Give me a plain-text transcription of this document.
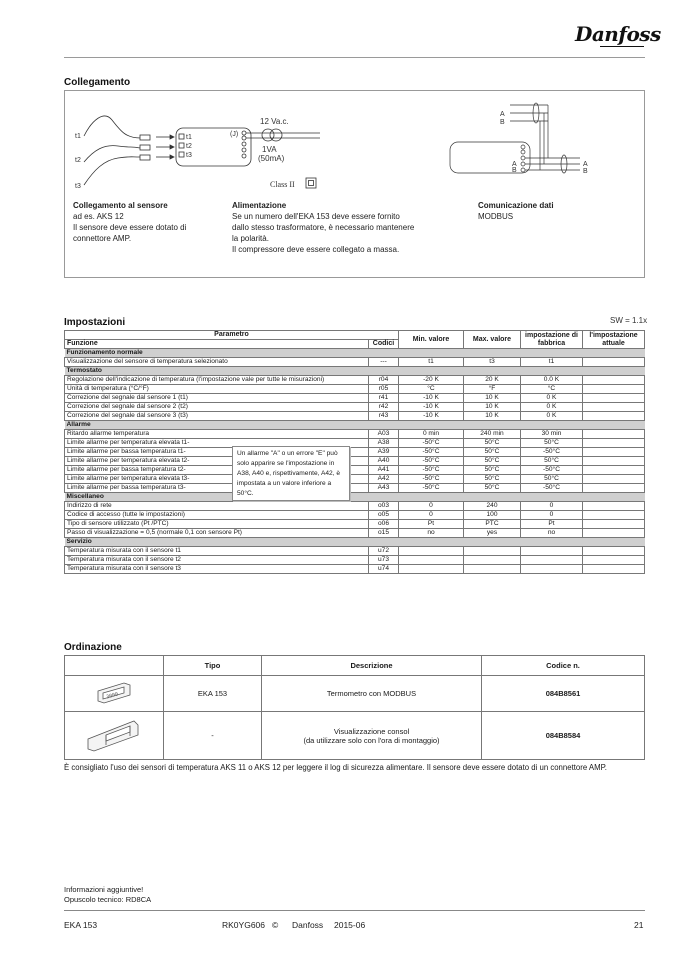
Danfoss
Collegamento
t1
t2
t3
t1
t2
t3
(J)
12 Va.c.
1VA
(50mA)
Class II
A
B
A
B
A
B
Collegamento al sensore
ad es. AKS 12
Il sensore deve essere dotato di
connettore AMP.
Alimentazione
Se un numero dell'EKA 153 deve essere fornito
dallo stesso trasformatore, è necessario mantenere
la polarità.
Il compressore deve essere collegato a massa.
Comunicazione dati
MODBUS
Impostazioni	SW = 1.1x
Parametro		Min. valore	Max. valore	impostazione di fabbrica	l'impostazione attuale
Funzione	Codici				
Funzionamento normale					
Visualizzazione del sensore di temperatura selezionato	---	t1	t3	t1	
Termostato					
Regolazione dell'indicazione di temperatura (l'impostazione vale per tutte le misurazioni)	r04	-20 K	20 K	0.0 K	
Unità di temperatura (°C/°F)	r05	°C	°F	°C	
Correzione del segnale dal sensore 1 (t1)	r41	-10 K	10 K	0 K	
Correzione del segnale dal sensore 2 (t2)	r42	-10 K	10 K	0 K	
Correzione del segnale dal sensore 3 (t3)	r43	-10 K	10 K	0 K	
Allarme					
Ritardo allarme temperatura	A03	0 min	240 min	30 min	
Limite allarme per temperatura elevata t1-	A38	-50°C	50°C	50°C	
Limite allarme per bassa temperatura t1-	A39	-50°C	50°C	-50°C	
Limite allarme per temperatura elevata t2-	A40	-50°C	50°C	50°C	
Limite allarme per bassa temperatura t2-	A41	-50°C	50°C	-50°C	
Limite allarme per temperatura elevata t3-	A42	-50°C	50°C	50°C	
Limite allarme per bassa temperatura t3-	A43	-50°C	50°C	-50°C	
Miscellaneo					
Indirizzo di rete	o03	0	240	0	
Codice di accesso (tutte le impostazioni)	o05	0	100	0	
Tipo di sensore utilizzato (Pt /PTC)	o06	Pt	PTC	Pt	
Passo di visualizzazione = 0,5 (normale 0,1 con sensore Pt)	o15	no	yes	no	
Servizio					
Temperatura misurata con il sensore t1	u72				
Temperatura misurata con il sensore t2	u73				
Temperatura misurata con il sensore t3	u74				
Un allarme "A" o un errore "E" può solo apparire se l'impostazione in A38, A40 e, rispettivamente, A42, è impostata a un valore inferiore a 50°C.
Ordinazione
	Tipo	Descrizione	Codice n.

3000	EKA 153	Termometro con MODBUS	084B8561
	-	Visualizzazione consol
(da utilizzare solo con l'ora di montaggio)	084B8584
È consigliato l'uso dei sensori di temperatura AKS 11 o AKS 12 per leggere il log di sicurezza alimentare. Il sensore deve essere dotato di un connettore AMP.
Informazioni aggiuntive!
Opuscolo tecnico: RD8CA
EKA 153	RK0YG606 © Danfoss 2015-06	21
